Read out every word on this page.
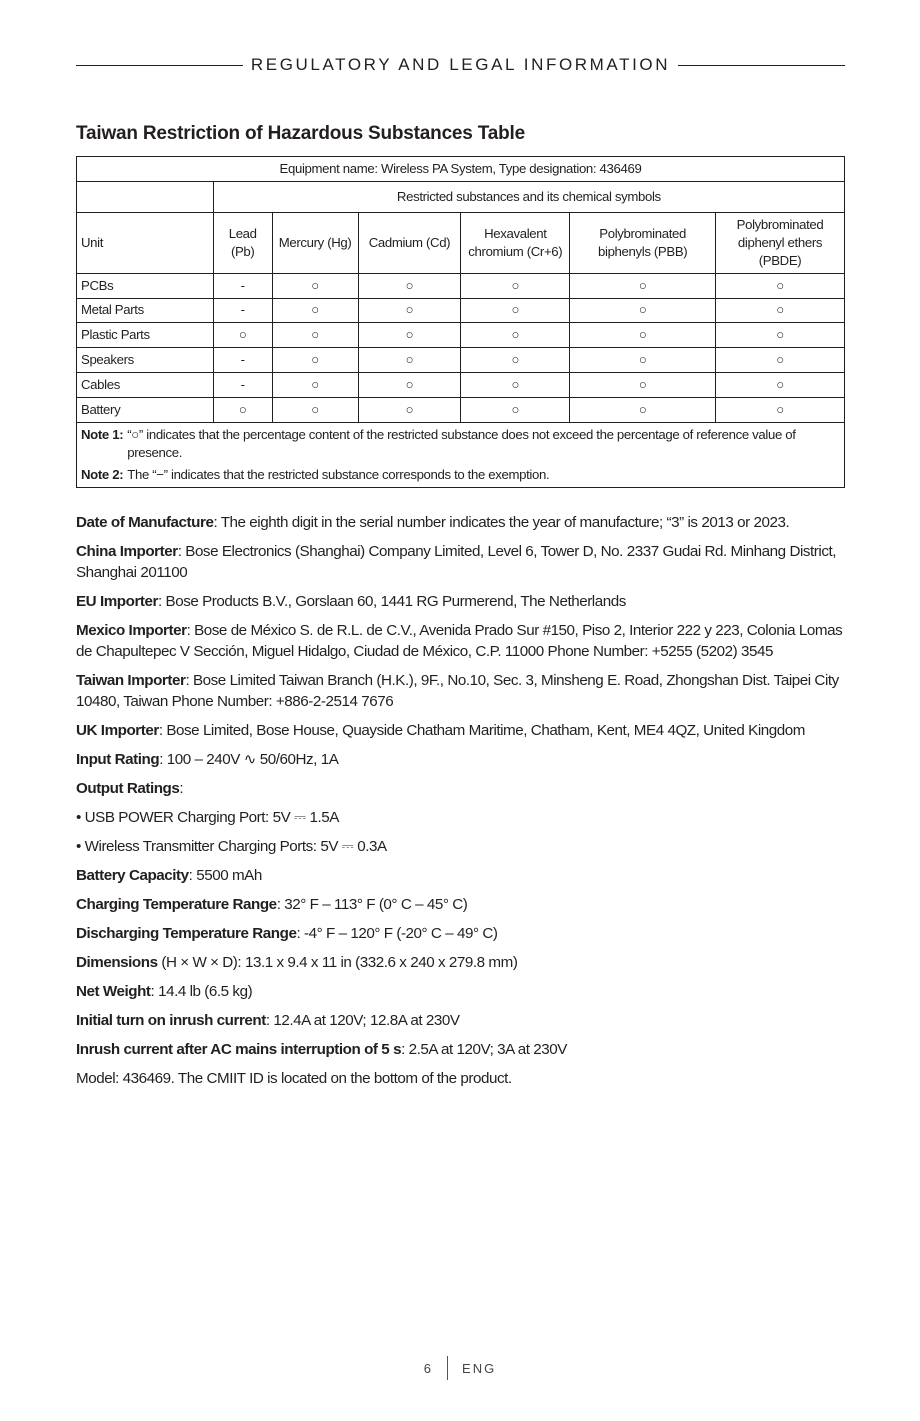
REGULATORY AND LEGAL INFORMATION
Taiwan Restriction of Hazardous Substances Table
Equipment name: Wireless PA System, Type designation: 436469						
	Restricted substances and its chemical symbols					
Unit	Lead (Pb)	Mercury (Hg)	Cadmium (Cd)	Hexavalent chromium (Cr+6)	Polybrominated biphenyls (PBB)	Polybrominated diphenyl ethers (PBDE)
PCBs	-	○	○	○	○	○
Metal Parts	-	○	○	○	○	○
Plastic Parts	○	○	○	○	○	○
Speakers	-	○	○	○	○	○
Cables	-	○	○	○	○	○
Battery	○	○	○	○	○	○

Note 1: “○” indicates that the percentage content of the restricted substance does not exceed the percentage of reference value of presence.
Note 2: The “−” indicates that the restricted substance corresponds to the exemption.						

Date of Manufacture: The eighth digit in the serial number indicates the year of manufacture; “3” is 2013 or 2023.

China Importer: Bose Electronics (Shanghai) Company Limited, Level 6, Tower D, No. 2337 Gudai Rd. Minhang District, Shanghai 201100

EU Importer: Bose Products B.V., Gorslaan 60, 1441 RG Purmerend, The Netherlands

Mexico Importer: Bose de México S. de R.L. de C.V., Avenida Prado Sur #150, Piso 2, Interior 222 y 223, Colonia Lomas de Chapultepec V Sección, Miguel Hidalgo, Ciudad de México, C.P. 11000 Phone Number: +5255 (5202) 3545

Taiwan Importer: Bose Limited Taiwan Branch (H.K.), 9F., No.10, Sec. 3, Minsheng E. Road, Zhongshan Dist. Taipei City 10480, Taiwan Phone Number: +886-2-2514 7676

UK Importer: Bose Limited, Bose House, Quayside Chatham Maritime, Chatham, Kent, ME4 4QZ, United Kingdom

Input Rating: 100 – 240V ∿ 50/60Hz, 1A

Output Ratings:

• USB POWER Charging Port: 5V ⎓ 1.5A

• Wireless Transmitter Charging Ports: 5V ⎓ 0.3A

Battery Capacity: 5500 mAh

Charging Temperature Range: 32° F – 113° F (0° C – 45° C)

Discharging Temperature Range: -4° F – 120° F (-20° C – 49° C)

Dimensions (H × W × D): 13.1 x 9.4 x 11 in (332.6 x 240 x 279.8 mm)

Net Weight: 14.4 lb (6.5 kg)

Initial turn on inrush current: 12.4A at 120V; 12.8A at 230V

Inrush current after AC mains interruption of 5 s: 2.5A at 120V; 3A at 230V

Model: 436469. The CMIIT ID is located on the bottom of the product.

6 ENG
